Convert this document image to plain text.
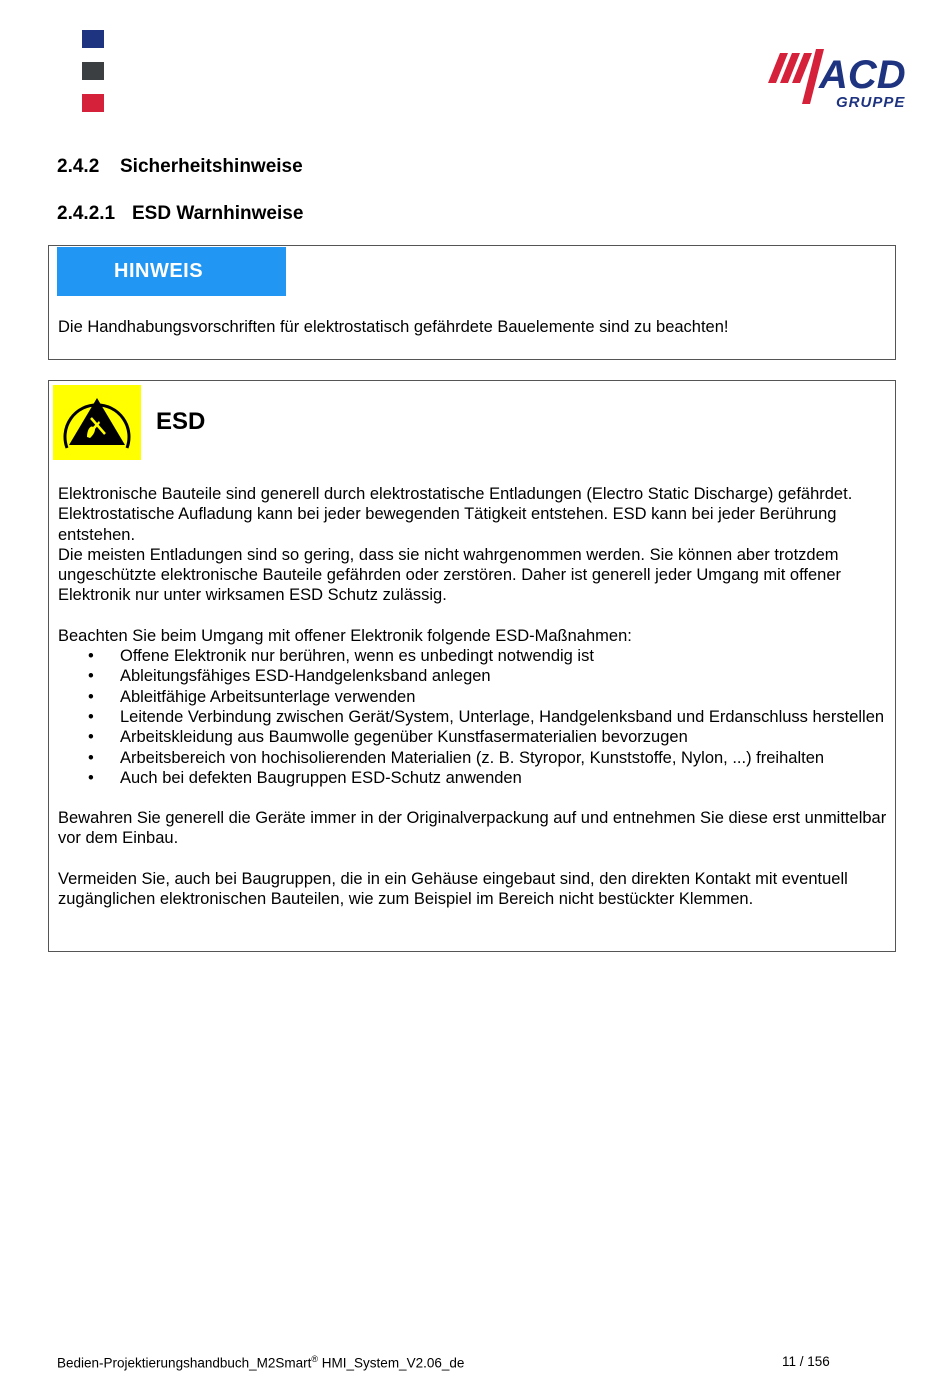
ACD
GRUPPE
2.4.2 Sicherheitshinweise
2.4.2.1 ESD Warnhinweise
HINWEIS

Die Handhabungsvorschriften für elektrostatisch gefährdete Bauelemente sind zu beachten!

ESD

Elektronische Bauteile sind generell durch elektrostatische Entladungen (Electro Static Discharge) gefährdet. Elektrostatische Aufladung kann bei jeder bewegenden Tätigkeit entstehen. ESD kann bei jeder Berührung entstehen.

Die meisten Entladungen sind so gering, dass sie nicht wahrgenommen werden. Sie können aber trotzdem ungeschützte elektronische Bauteile gefährden oder zerstören. Daher ist generell jeder Umgang mit offener Elektronik nur unter wirksamen ESD Schutz zulässig.

Beachten Sie beim Umgang mit offener Elektronik folgende ESD-Maßnahmen:

• Offene Elektronik nur berühren, wenn es unbedingt notwendig ist
• Ableitungsfähiges ESD-Handgelenksband anlegen
• Ableitfähige Arbeitsunterlage verwenden
• Leitende Verbindung zwischen Gerät/System, Unterlage, Handgelenksband und Erdanschluss herstellen
• Arbeitskleidung aus Baumwolle gegenüber Kunstfasermaterialien bevorzugen
• Arbeitsbereich von hochisolierenden Materialien (z. B. Styropor, Kunststoffe, Nylon, ...) freihalten
• Auch bei defekten Baugruppen ESD-Schutz anwenden

Bewahren Sie generell die Geräte immer in der Originalverpackung auf und entnehmen Sie diese erst unmittelbar vor dem Einbau.

Vermeiden Sie, auch bei Baugruppen, die in ein Gehäuse eingebaut sind, den direkten Kontakt mit eventuell zugänglichen elektronischen Bauteilen, wie zum Beispiel im Bereich nicht bestückter Klemmen.

Bedien-Projektierungshandbuch_M2Smart® HMI_System_V2.06_de	11 / 156
